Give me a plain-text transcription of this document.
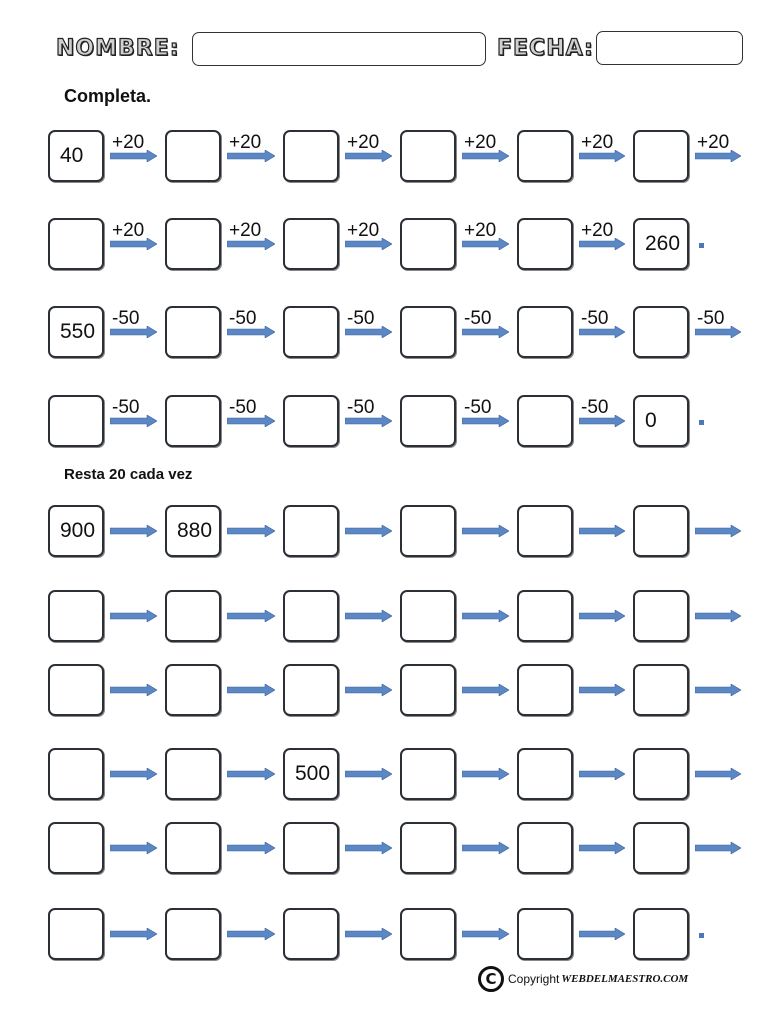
NOMBRE:	FECHA:
Completa.
Resta 20 cada vez
40
+20	+20	+20	+20	+20	+20
+20	+20	+20	+20	+20
260
550
-50	-50	-50	-50	-50	-50
-50	-50	-50	-50	-50
0
900	880
500
C Copyright WEBDELMAESTRO.COM
